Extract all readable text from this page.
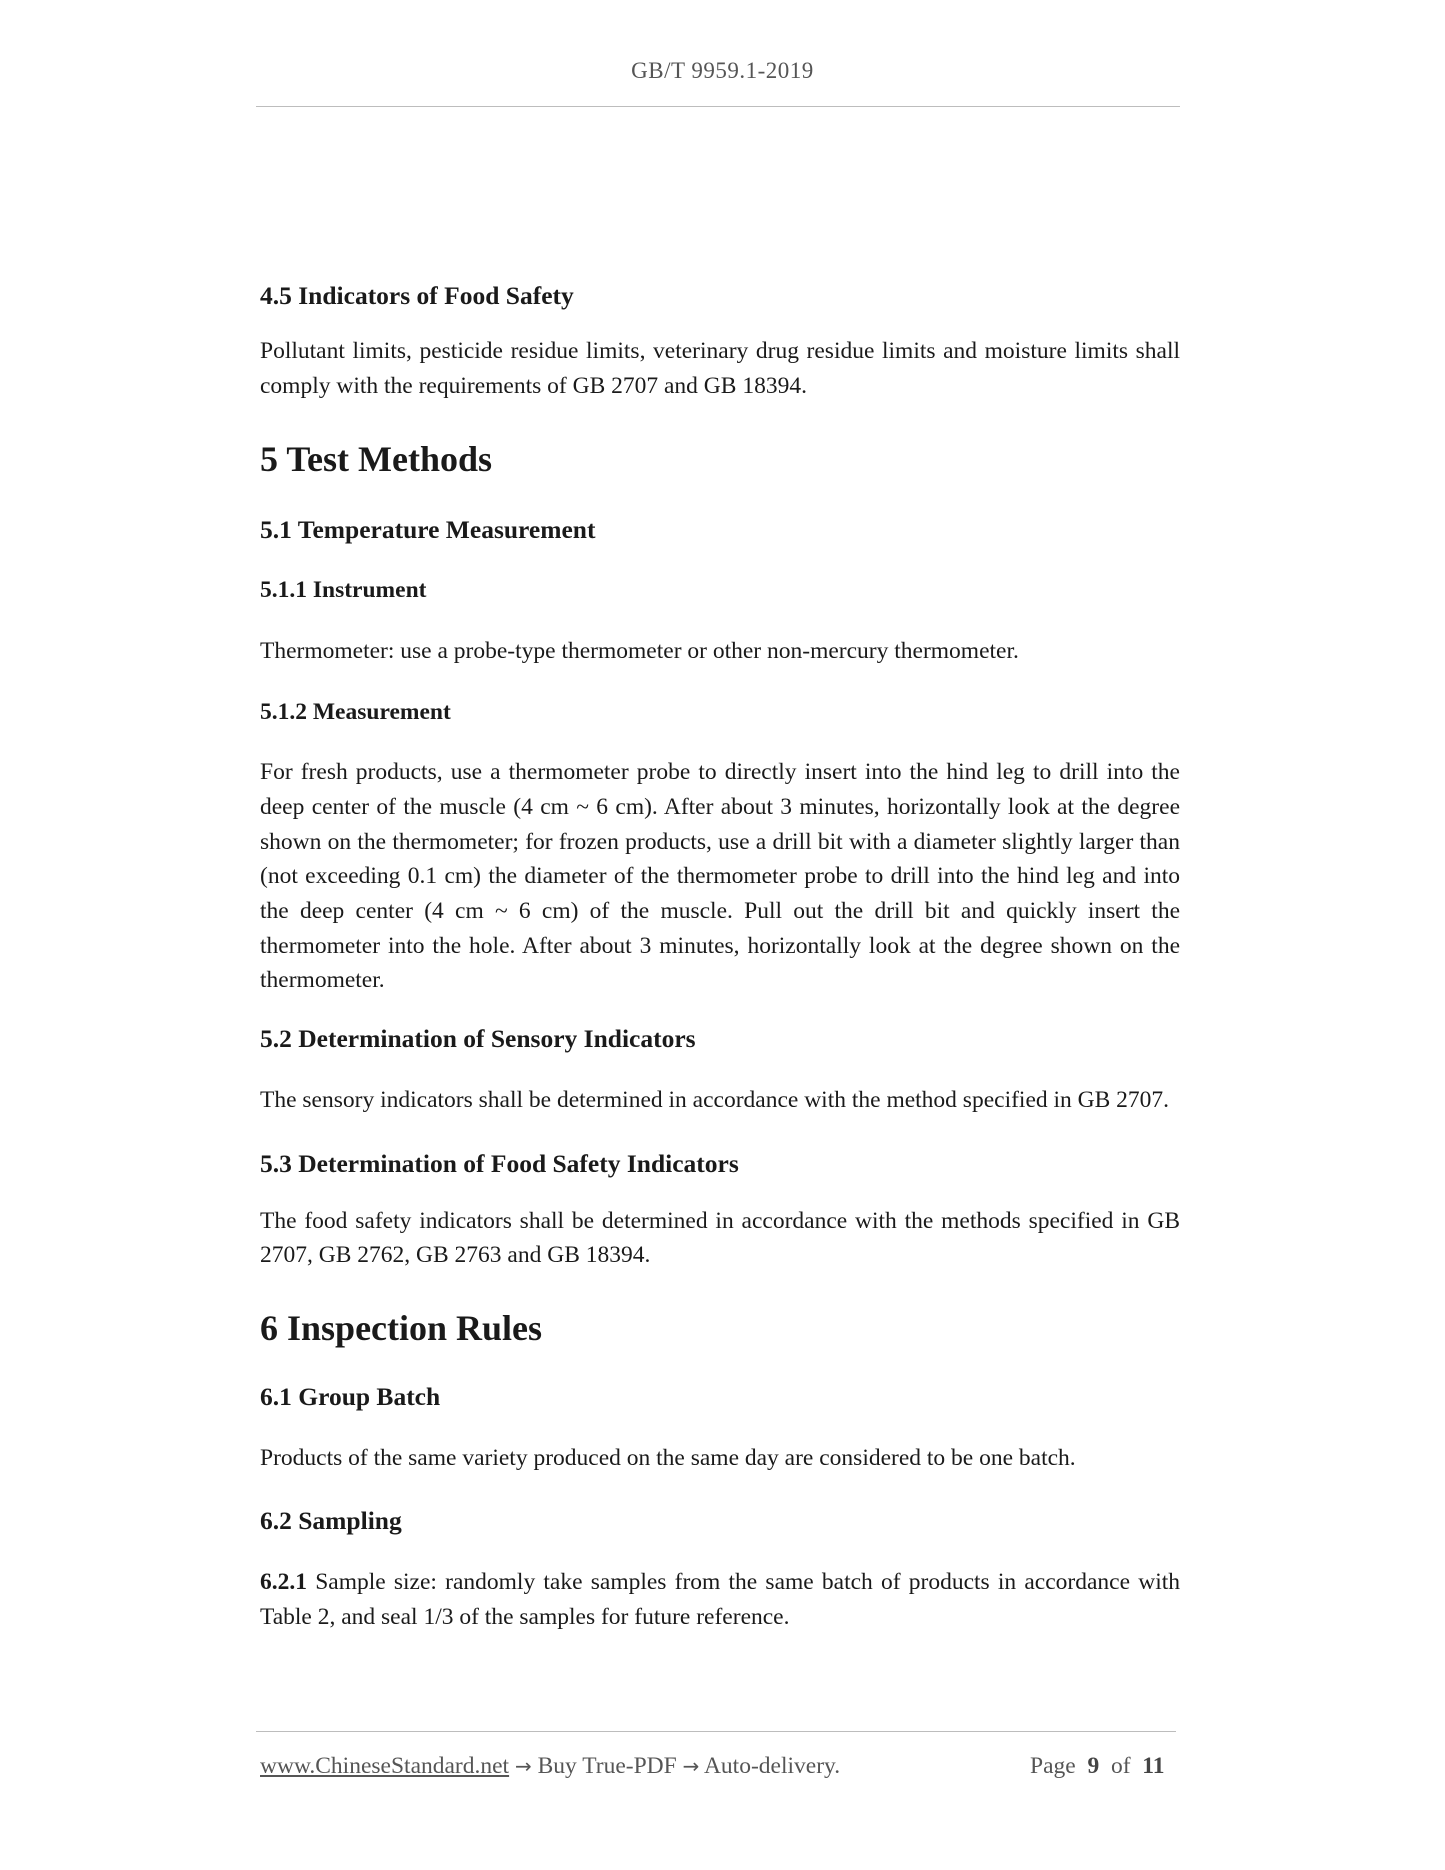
GB/T 9959.1-2019
4.5 Indicators of Food Safety

Pollutant limits, pesticide residue limits, veterinary drug residue limits and moisture limits shall comply with the requirements of GB 2707 and GB 18394.

5 Test Methods
5.1 Temperature Measurement
5.1.1 Instrument

Thermometer: use a probe-type thermometer or other non-mercury thermometer.

5.1.2 Measurement

For fresh products, use a thermometer probe to directly insert into the hind leg to drill into the deep center of the muscle (4 cm ~ 6 cm). After about 3 minutes, horizontally look at the degree shown on the thermometer; for frozen products, use a drill bit with a diameter slightly larger than (not exceeding 0.1 cm) the diameter of the thermometer probe to drill into the hind leg and into the deep center (4 cm ~ 6 cm) of the muscle. Pull out the drill bit and quickly insert the thermometer into the hole. After about 3 minutes, horizontally look at the degree shown on the thermometer.

5.2 Determination of Sensory Indicators

The sensory indicators shall be determined in accordance with the method specified in GB 2707.

5.3 Determination of Food Safety Indicators

The food safety indicators shall be determined in accordance with the methods specified in GB 2707, GB 2762, GB 2763 and GB 18394.

6 Inspection Rules
6.1 Group Batch

Products of the same variety produced on the same day are considered to be one batch.

6.2 Sampling

6.2.1 Sample size: randomly take samples from the same batch of products in accordance with Table 2, and seal 1/3 of the samples for future reference.

www.ChineseStandard.net → Buy True-PDF → Auto-delivery.	Page 9 of 11
